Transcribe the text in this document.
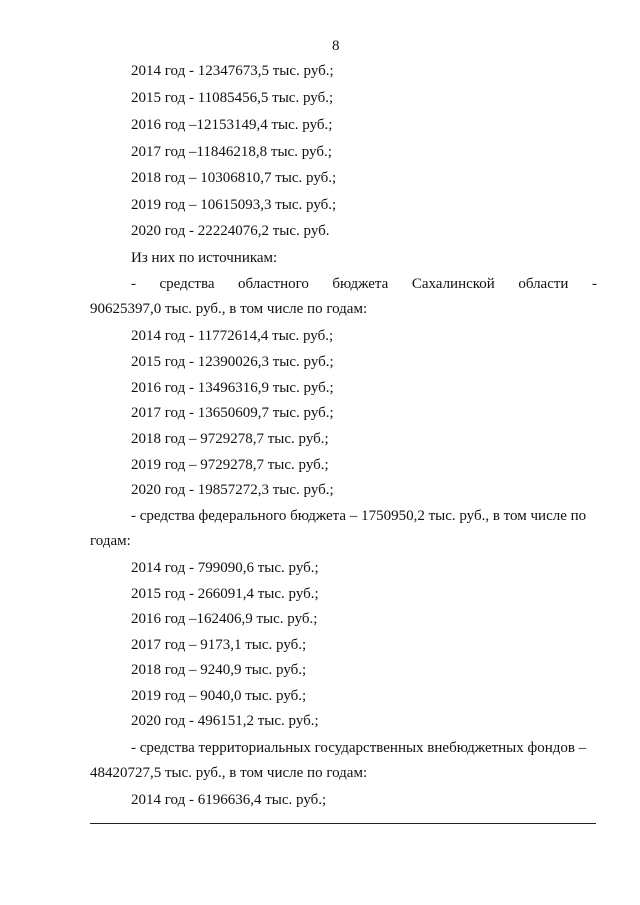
8
2014 год - 12347673,5 тыс. руб.;
2015 год - 11085456,5 тыс. руб.;
2016 год –12153149,4 тыс. руб.;
2017 год –11846218,8 тыс. руб.;
2018 год – 10306810,7 тыс. руб.;
2019 год – 10615093,3 тыс. руб.;
2020 год - 22224076,2 тыс. руб.
Из них по источникам:
- средства областного бюджета Сахалинской области -
90625397,0 тыс. руб., в том числе по годам:
2014 год - 11772614,4 тыс. руб.;
2015 год - 12390026,3 тыс. руб.;
2016 год - 13496316,9 тыс. руб.;
2017 год - 13650609,7 тыс. руб.;
2018 год – 9729278,7 тыс. руб.;
2019 год – 9729278,7 тыс. руб.;
2020 год - 19857272,3 тыс. руб.;
- средства федерального бюджета – 1750950,2 тыс. руб., в том числе по
годам:
2014 год - 799090,6 тыс. руб.;
2015 год - 266091,4 тыс. руб.;
2016 год –162406,9 тыс. руб.;
2017 год – 9173,1 тыс. руб.;
2018 год – 9240,9 тыс. руб.;
2019 год – 9040,0 тыс. руб.;
2020 год - 496151,2 тыс. руб.;
- средства территориальных государственных внебюджетных фондов –
48420727,5 тыс. руб., в том числе по годам:
2014 год - 6196636,4 тыс. руб.;
